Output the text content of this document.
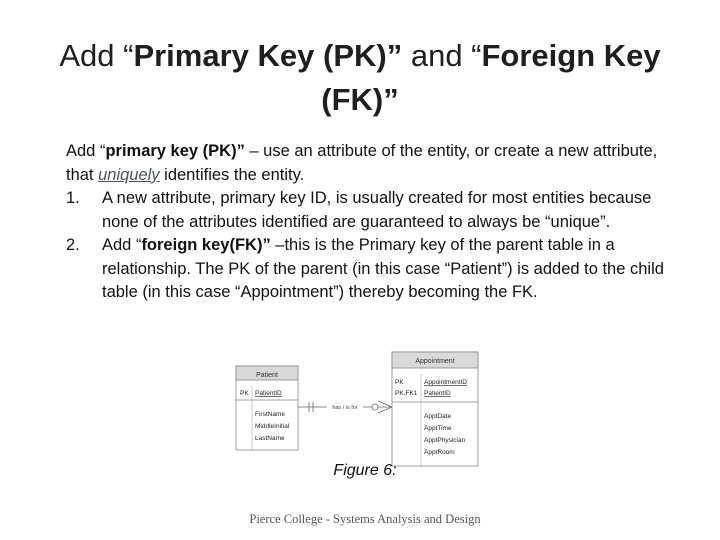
Add “Primary Key (PK)” and “Foreign Key (FK)”

Add “primary key (PK)” – use an attribute of the entity, or create a new attribute, that uniquely identifies the entity.

1. A new attribute, primary key ID, is usually created for most entities because none of the attributes identified are guaranteed to always be “unique”.

2. Add “foreign key(FK)” –this is the Primary key of the parent table in a relationship. The PK of the parent (in this case “Patient”) is added to the child table (in this case “Appointment”) thereby becoming the FK.

Patient
PK PatientID
FirstName
MiddleInitial
LastName
has / is for
Appointment
PK
PK,FK1
AppointmentID
PatientID
ApptDate
ApptTime
ApptPhysician
ApptRoom
Figure 6:
Pierce College - Systems Analysis and Design
